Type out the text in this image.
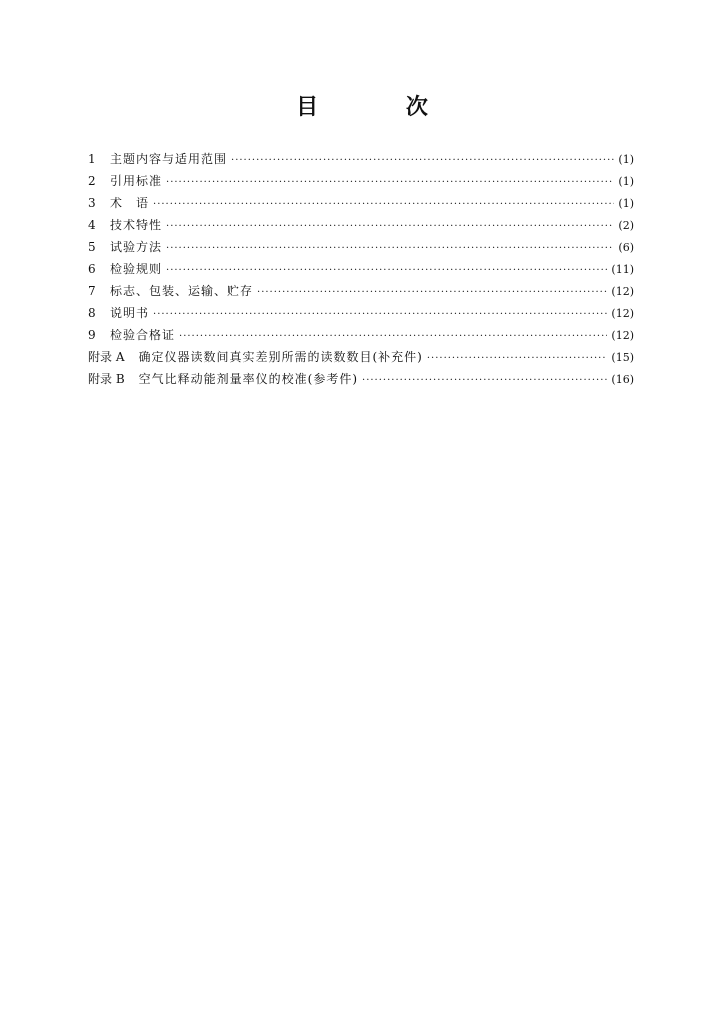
目 次
1	主题内容与适用范围 ·····	(1)
2	引用标准 ·····	(1)
3	术　语 ·····	(1)
4	技术特性 ·····	(2)
5	试验方法 ·····	(6)
6	检验规则 ·····	(11)
7	标志、包装、运输、贮存 ·····	(12)
8	说明书 ·····	(12)
9	检验合格证 ·····	(12)
附录 A 确定仪器读数间真实差别所需的读数数目(补充件) ·····	(15)
附录 B 空气比释动能剂量率仪的校准(参考件) ·····	(16)
